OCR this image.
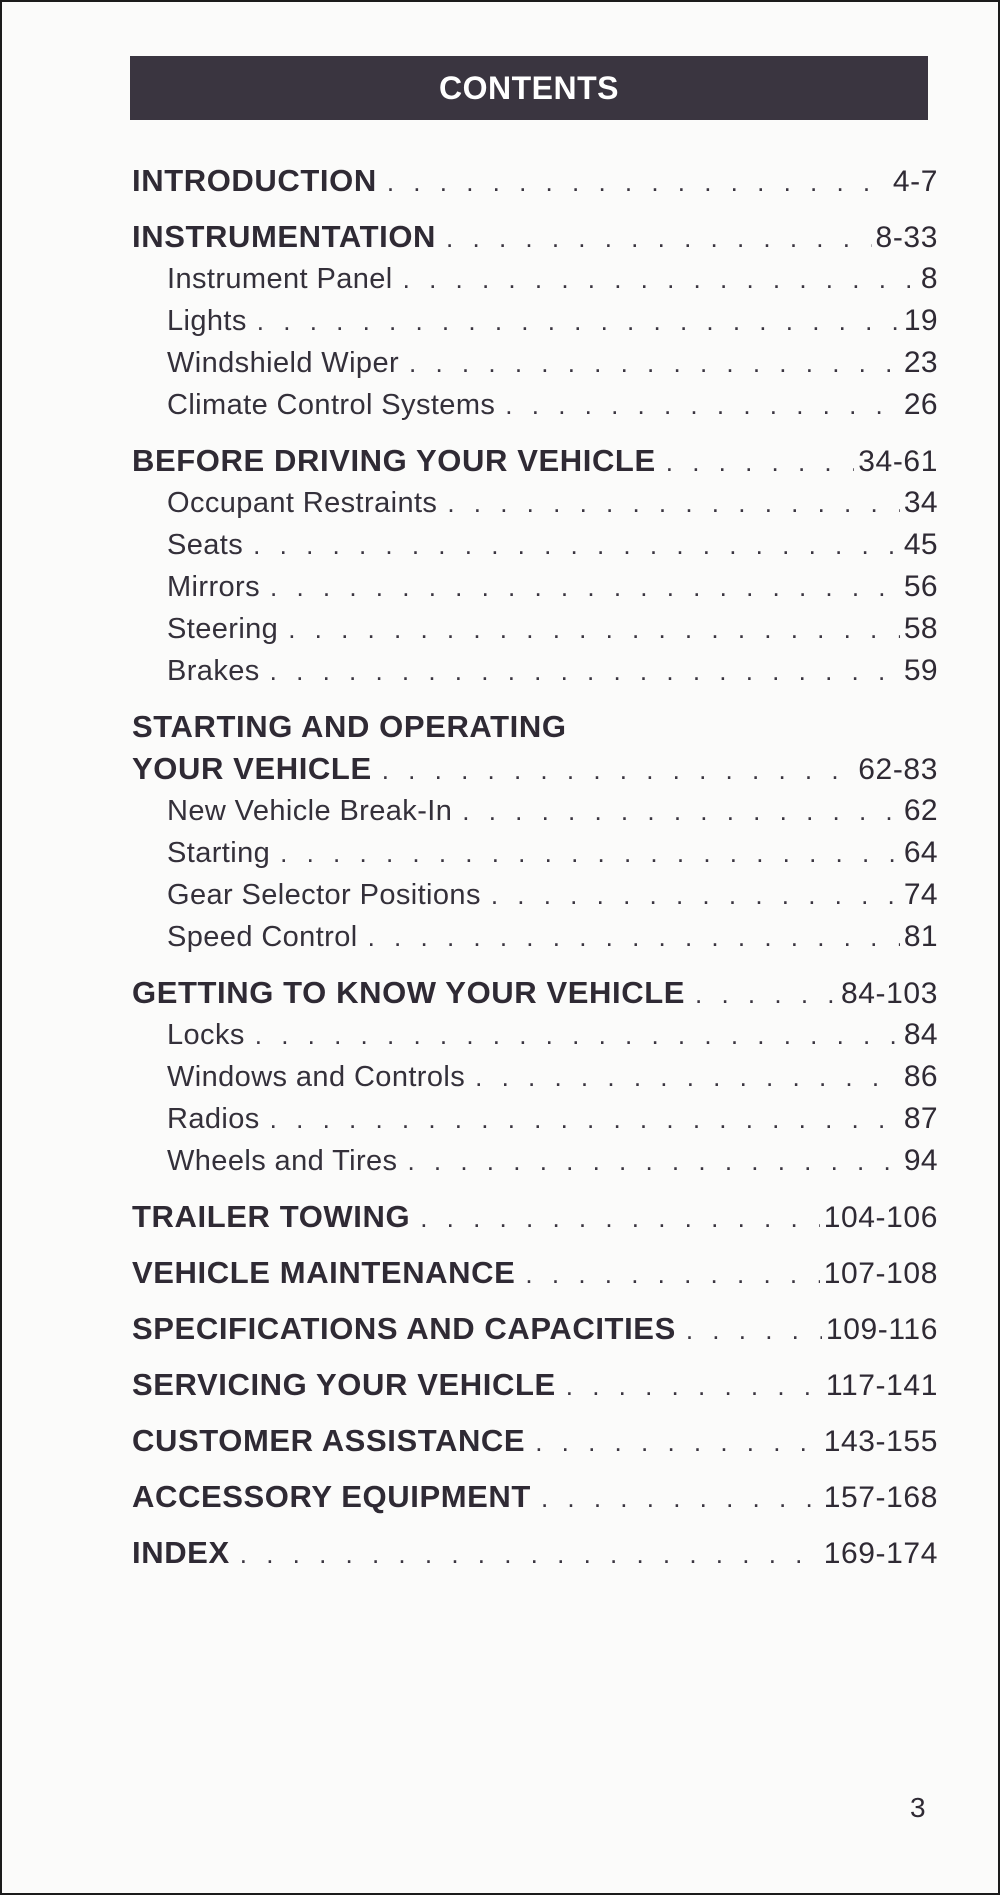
CONTENTS
INTRODUCTION . . .	4-7
INSTRUMENTATION . . .	8-33
Instrument Panel . . .	8
Lights . . .	19
Windshield Wiper . . .	23
Climate Control Systems . . .	26
BEFORE DRIVING YOUR VEHICLE . . .	34-61
Occupant Restraints . . .	34
Seats . . .	45
Mirrors . . .	56
Steering . . .	58
Brakes . . .	59
STARTING AND OPERATING
YOUR VEHICLE . . .	62-83
New Vehicle Break-In . . .	62
Starting . . .	64
Gear Selector Positions . . .	74
Speed Control . . .	81
GETTING TO KNOW YOUR VEHICLE . . .	84-103
Locks . . .	84
Windows and Controls . . .	86
Radios . . .	87
Wheels and Tires . . .	94
TRAILER TOWING . . .	104-106
VEHICLE MAINTENANCE . . .	107-108
SPECIFICATIONS AND CAPACITIES . . .	109-116
SERVICING YOUR VEHICLE . . .	117-141
CUSTOMER ASSISTANCE . . .	143-155
ACCESSORY EQUIPMENT . . .	157-168
INDEX . . .	169-174
3
